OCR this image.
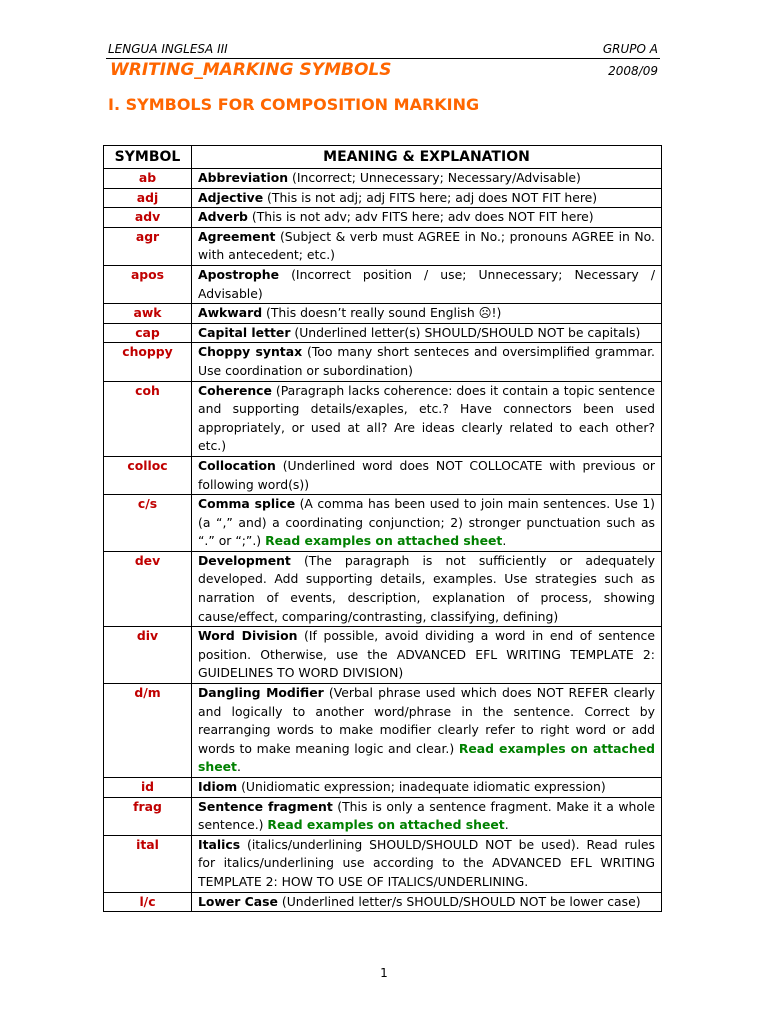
LENGUA INGLESA III	GRUPO A
WRITING_MARKING SYMBOLS	2008/09
I. SYMBOLS FOR COMPOSITION MARKING
SYMBOL	MEANING & EXPLANATION
ab	Abbreviation (Incorrect; Unnecessary; Necessary/Advisable)
adj	Adjective (This is not adj; adj FITS here; adj does NOT FIT here)
adv	Adverb (This is not adv; adv FITS here; adv does NOT FIT here)
agr	Agreement (Subject & verb must AGREE in No.; pronouns AGREE in No. with antecedent; etc.)
apos	Apostrophe (Incorrect position / use; Unnecessary; Necessary / Advisable)
awk	Awkward (This doesn’t really sound English ☹!)
cap	Capital letter (Underlined letter(s) SHOULD/SHOULD NOT be capitals)
choppy	Choppy syntax (Too many short senteces and oversimplified grammar. Use coordination or subordination)
coh	Coherence (Paragraph lacks coherence: does it contain a topic sentence and supporting details/exaples, etc.? Have connectors been used appropriately, or used at all? Are ideas clearly related to each other? etc.)
colloc	Collocation (Underlined word does NOT COLLOCATE with previous or following word(s))
c/s	Comma splice (A comma has been used to join main sentences. Use 1) (a “,” and) a coordinating conjunction; 2) stronger punctuation such as “.” or “;”.) Read examples on attached sheet.
dev	Development (The paragraph is not sufficiently or adequately developed. Add supporting details, examples. Use strategies such as narration of events, description, explanation of process, showing cause/effect, comparing/contrasting, classifying, defining)
div	Word Division (If possible, avoid dividing a word in end of sentence position. Otherwise, use the ADVANCED EFL WRITING TEMPLATE 2: GUIDELINES TO WORD DIVISION)
d/m	Dangling Modifier (Verbal phrase used which does NOT REFER clearly and logically to another word/phrase in the sentence. Correct by rearranging words to make modifier clearly refer to right word or add words to make meaning logic and clear.) Read examples on attached sheet.
id	Idiom (Unidiomatic expression; inadequate idiomatic expression)
frag	Sentence fragment (This is only a sentence fragment. Make it a whole sentence.) Read examples on attached sheet.
ital	Italics (italics/underlining SHOULD/SHOULD NOT be used). Read rules for italics/underlining use according to the ADVANCED EFL WRITING TEMPLATE 2: HOW TO USE OF ITALICS/UNDERLINING.
l/c	Lower Case (Underlined letter/s SHOULD/SHOULD NOT be lower case)
1
